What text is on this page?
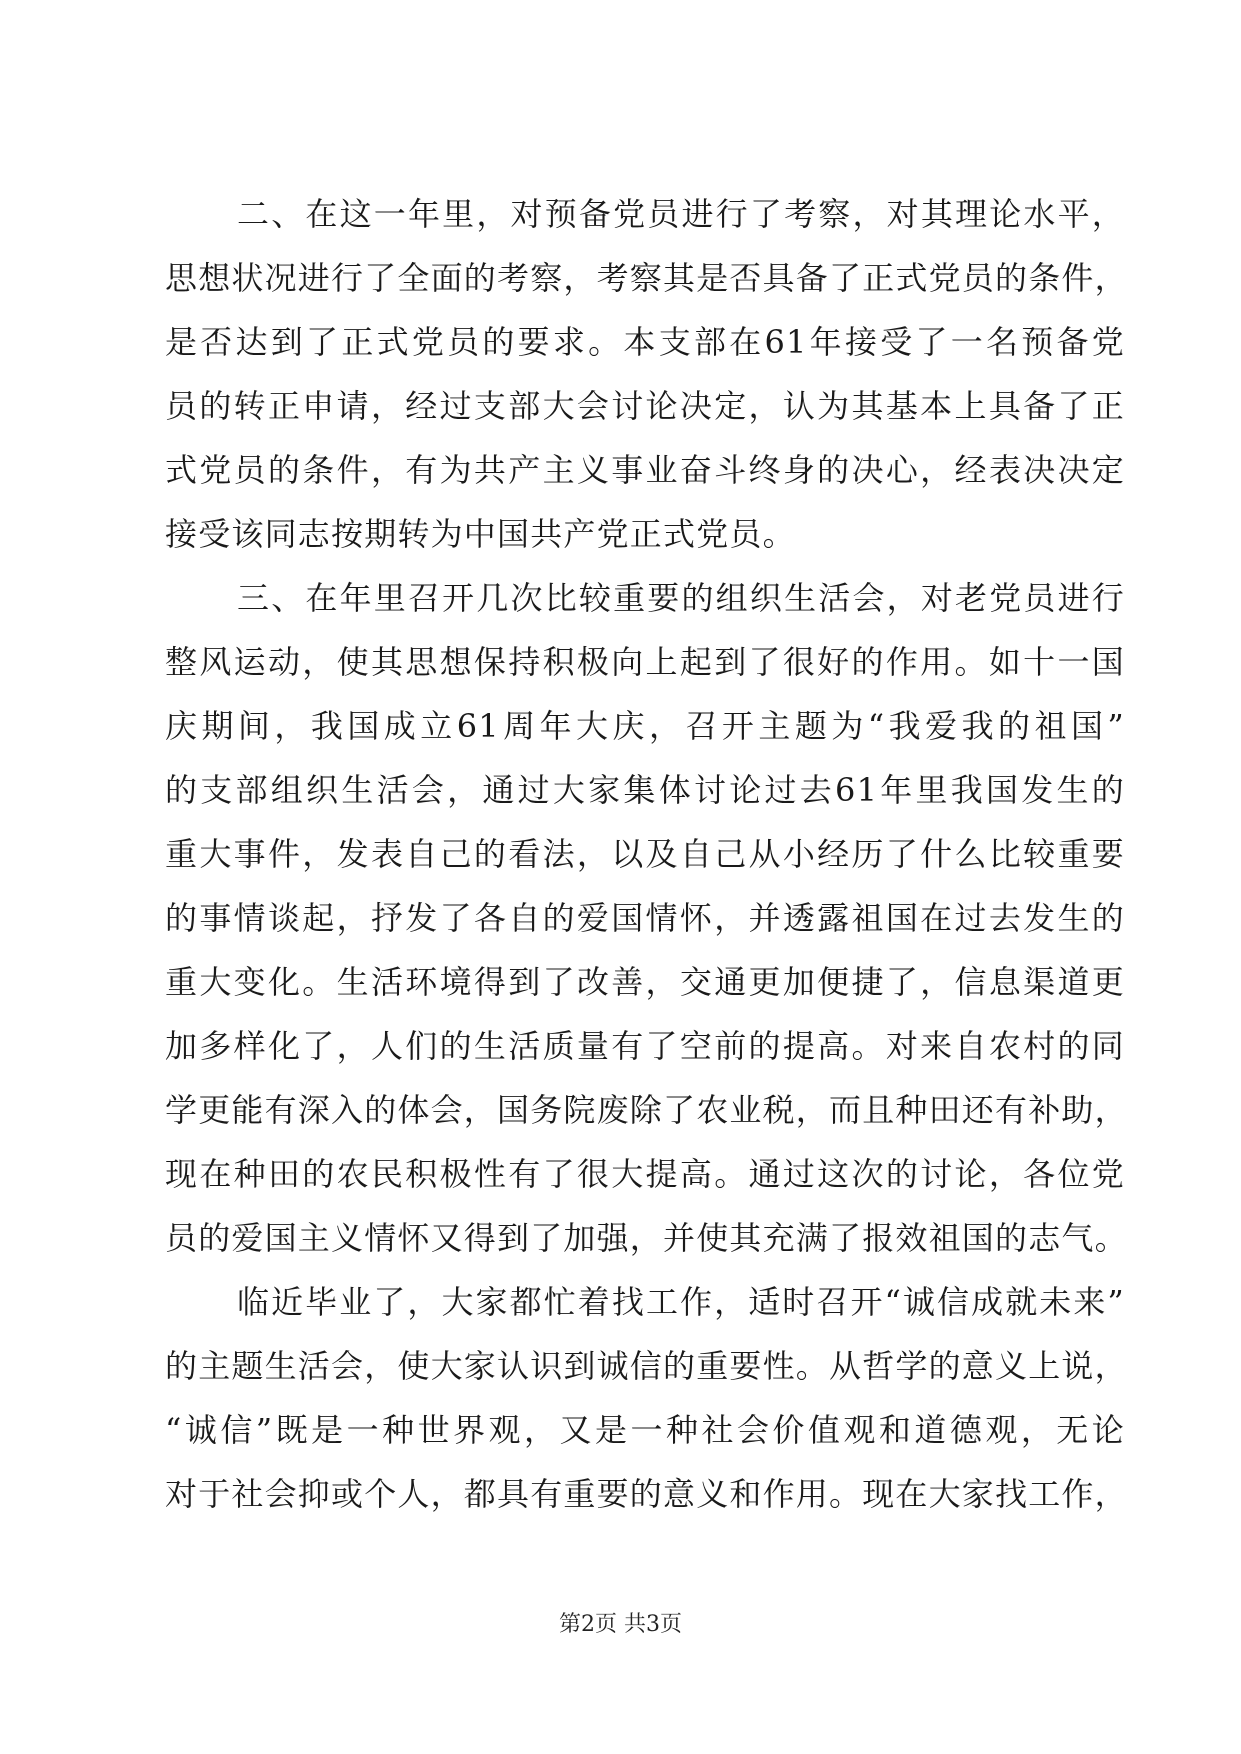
二、在这一年里，对预备党员进行了考察，对其理论水平，
思想状况进行了全面的考察，考察其是否具备了正式党员的条件，
是否达到了正式党员的要求。本支部在61年接受了一名预备党
员的转正申请，经过支部大会讨论决定，认为其基本上具备了正
式党员的条件，有为共产主义事业奋斗终身的决心，经表决决定
接受该同志按期转为中国共产党正式党员。
三、在年里召开几次比较重要的组织生活会，对老党员进行
整风运动，使其思想保持积极向上起到了很好的作用。如十一国
庆期间，我国成立61周年大庆，召开主题为“我爱我的祖国”
的支部组织生活会，通过大家集体讨论过去61年里我国发生的
重大事件，发表自己的看法，以及自己从小经历了什么比较重要
的事情谈起，抒发了各自的爱国情怀，并透露祖国在过去发生的
重大变化。生活环境得到了改善，交通更加便捷了，信息渠道更
加多样化了，人们的生活质量有了空前的提高。对来自农村的同
学更能有深入的体会，国务院废除了农业税，而且种田还有补助，
现在种田的农民积极性有了很大提高。通过这次的讨论，各位党
员的爱国主义情怀又得到了加强，并使其充满了报效祖国的志气。
临近毕业了，大家都忙着找工作，适时召开“诚信成就未来”
的主题生活会，使大家认识到诚信的重要性。从哲学的意义上说，
“诚信”既是一种世界观，又是一种社会价值观和道德观，无论
对于社会抑或个人，都具有重要的意义和作用。现在大家找工作，
第2页 共3页
